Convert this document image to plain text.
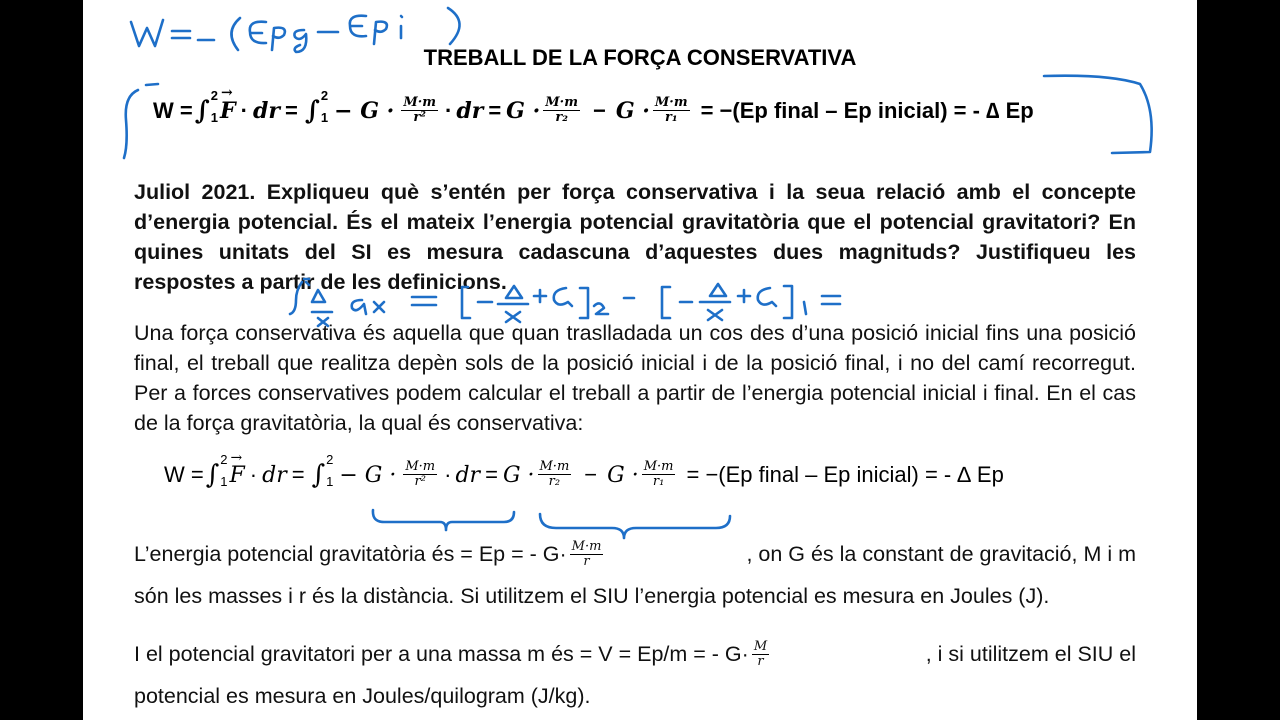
TREBALL DE LA FORÇA CONSERVATIVA
W = ∫
2
1 → F · dr = ∫
2
$1 - G \cdot \frac{M\cdot m}{\text{r²}}$ · dr = $G \cdot \frac{M\cdot m}{\text{r₂}} - G \cdot \frac{M\cdot m}{\text{r₁}} = -(Ep$ final – Ep inicial) = - ∆ Ep
Juliol 2021. Expliqueu què s’entén per força conservativa i la seua relació amb el concepte d’energia potencial. És el mateix l’energia potencial gravitatòria que el potencial gravitatori? En quines unitats del SI es mesura cadascuna d’aquestes dues magnituds? Justifiqueu les respostes a partir de les definicions.
Una força conservativa és aquella que quan traslladada un cos des d’una posició inicial fins una posició final, el treball que realitza depèn sols de la posició inicial i de la posició final, i no del camí recorregut. Per a forces conservatives podem calcular el treball a partir de l’energia potencial inicial i final. En el cas de la força gravitatòria, la qual és conservativa:
W = ∫
2
1 → F · dr = ∫
2
$1 - G \cdot \frac{M\cdot m}{\text{r²}}$ · dr = $G \cdot \frac{M\cdot m}{\text{r₂}} - G \cdot \frac{M\cdot m}{\text{r₁}} = -(Ep$ final – Ep inicial) = - ∆ Ep
L’energia potencial gravitatòria és = Ep = - $G\cdot \frac{M\cdot m}{r}$	, on G és la constant de gravitació, M i m
són les masses i r és la distància. Si utilitzem el SIU l’energia potencial es mesura en Joules (J).
I el potencial gravitatori per a una massa m és = V = Ep/m = - $G\cdot \frac{M}{r}$	, i si utilitzem el SIU el
potencial es mesura en Joules/quilogram (J/kg).
